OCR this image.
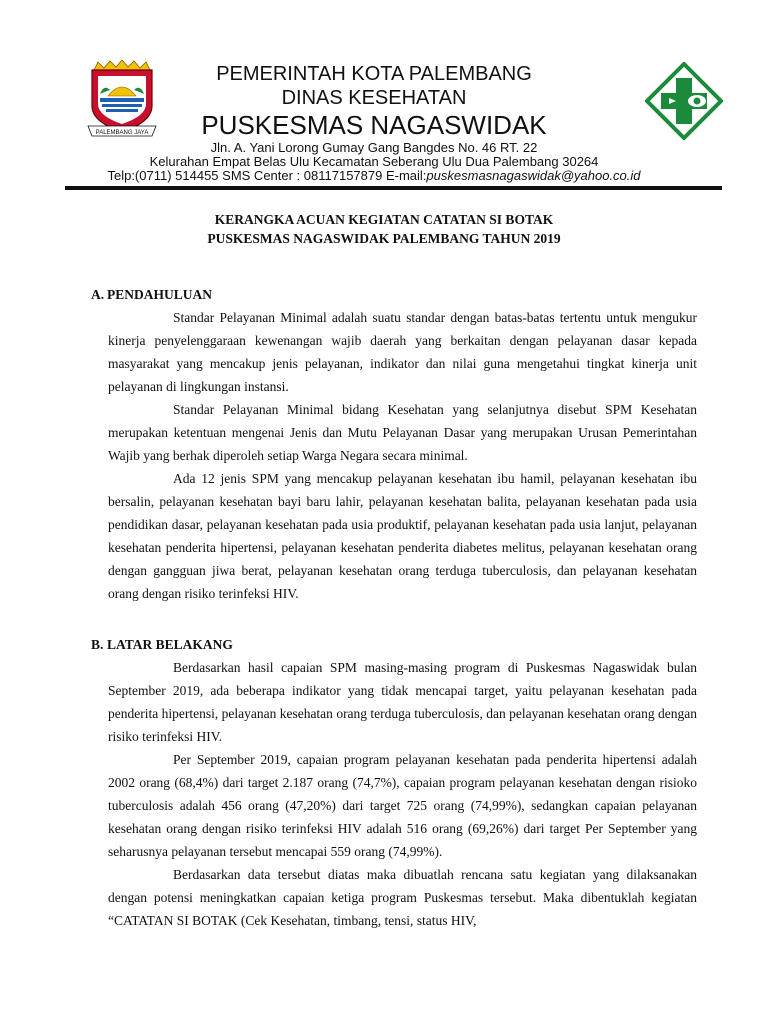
PALEMBANG JAYA
PEMERINTAH KOTA PALEMBANG
DINAS KESEHATAN
PUSKESMAS NAGASWIDAK
Jln. A. Yani Lorong Gumay Gang Bangdes No. 46 RT. 22
Kelurahan Empat Belas Ulu Kecamatan Seberang Ulu Dua Palembang 30264
Telp:(0711) 514455 SMS Center : 08117157879 E-mail:puskesmasnagaswidak@yahoo.co.id
KERANGKA ACUAN KEGIATAN CATATAN SI BOTAK
PUSKESMAS NAGASWIDAK PALEMBANG TAHUN 2019
A. PENDAHULUAN

Standar Pelayanan Minimal adalah suatu standar dengan batas-batas tertentu untuk mengukur kinerja penyelenggaraan kewenangan wajib daerah yang berkaitan dengan pelayanan dasar kepada masyarakat yang mencakup jenis pelayanan, indikator dan nilai guna mengetahui tingkat kinerja unit pelayanan di lingkungan instansi.

Standar Pelayanan Minimal bidang Kesehatan yang selanjutnya disebut SPM Kesehatan merupakan ketentuan mengenai Jenis dan Mutu Pelayanan Dasar yang merupakan Urusan Pemerintahan Wajib yang berhak diperoleh setiap Warga Negara secara minimal.

Ada 12 jenis SPM yang mencakup pelayanan kesehatan ibu hamil, pelayanan kesehatan ibu bersalin, pelayanan kesehatan bayi baru lahir, pelayanan kesehatan balita, pelayanan kesehatan pada usia pendidikan dasar, pelayanan kesehatan pada usia produktif, pelayanan kesehatan pada usia lanjut, pelayanan kesehatan penderita hipertensi, pelayanan kesehatan penderita diabetes melitus, pelayanan kesehatan orang dengan gangguan jiwa berat, pelayanan kesehatan orang terduga tuberculosis, dan pelayanan kesehatan orang dengan risiko terinfeksi HIV.

B. LATAR BELAKANG

Berdasarkan hasil capaian SPM masing-masing program di Puskesmas Nagaswidak bulan September 2019, ada beberapa indikator yang tidak mencapai target, yaitu pelayanan kesehatan pada penderita hipertensi, pelayanan kesehatan orang terduga tuberculosis, dan pelayanan kesehatan orang dengan risiko terinfeksi HIV.

Per September 2019, capaian program pelayanan kesehatan pada penderita hipertensi adalah 2002 orang (68,4%) dari target 2.187 orang (74,7%), capaian program pelayanan kesehatan dengan risioko tuberculosis adalah 456 orang (47,20%) dari target 725 orang (74,99%), sedangkan capaian pelayanan kesehatan orang dengan risiko terinfeksi HIV adalah 516 orang (69,26%) dari target Per September yang seharusnya pelayanan tersebut mencapai 559 orang (74,99%).

Berdasarkan data tersebut diatas maka dibuatlah rencana satu kegiatan yang dilaksanakan dengan potensi meningkatkan capaian ketiga program Puskesmas tersebut. Maka dibentuklah kegiatan “CATATAN SI BOTAK (Cek Kesehatan, timbang, tensi, status HIV,
